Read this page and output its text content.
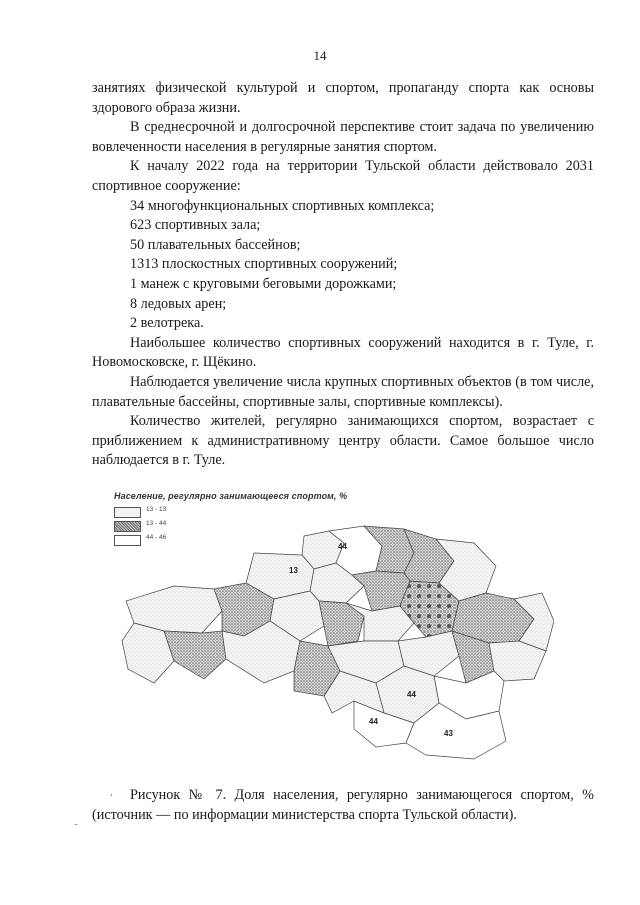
14

занятиях физической культурой и спортом, пропаганду спорта как основы здорового образа жизни.

В среднесрочной и долгосрочной перспективе стоит задача по увеличению вовлеченности населения в регулярные занятия спортом.

К началу 2022 года на территории Тульской области действовало 2031 спортивное сооружение:

34 многофункциональных спортивных комплекса;

623 спортивных зала;

50 плавательных бассейнов;

1313 плоскостных спортивных сооружений;

1 манеж с круговыми беговыми дорожками;

8 ледовых арен;

2 велотрека.

Наибольшее количество спортивных сооружений находится в г. Туле, г. Новомосковске, г. Щёкино.

Наблюдается увеличение числа крупных спортивных объектов (в том числе, плавательные бассейны, спортивные залы, спортивные комплексы).

Количество жителей, регулярно занимающихся спортом, возрастает с приближением к административному центру области. Самое большое число наблюдается в г. Туле.

44
13
44
44
43
Население, регулярно занимающееся спортом, %
13 - 13
13 - 44
44 - 46

Рисунок № 7. Доля населения, регулярно занимающегося спортом, % (источник — по информации министерства спорта Тульской области).

,
-
